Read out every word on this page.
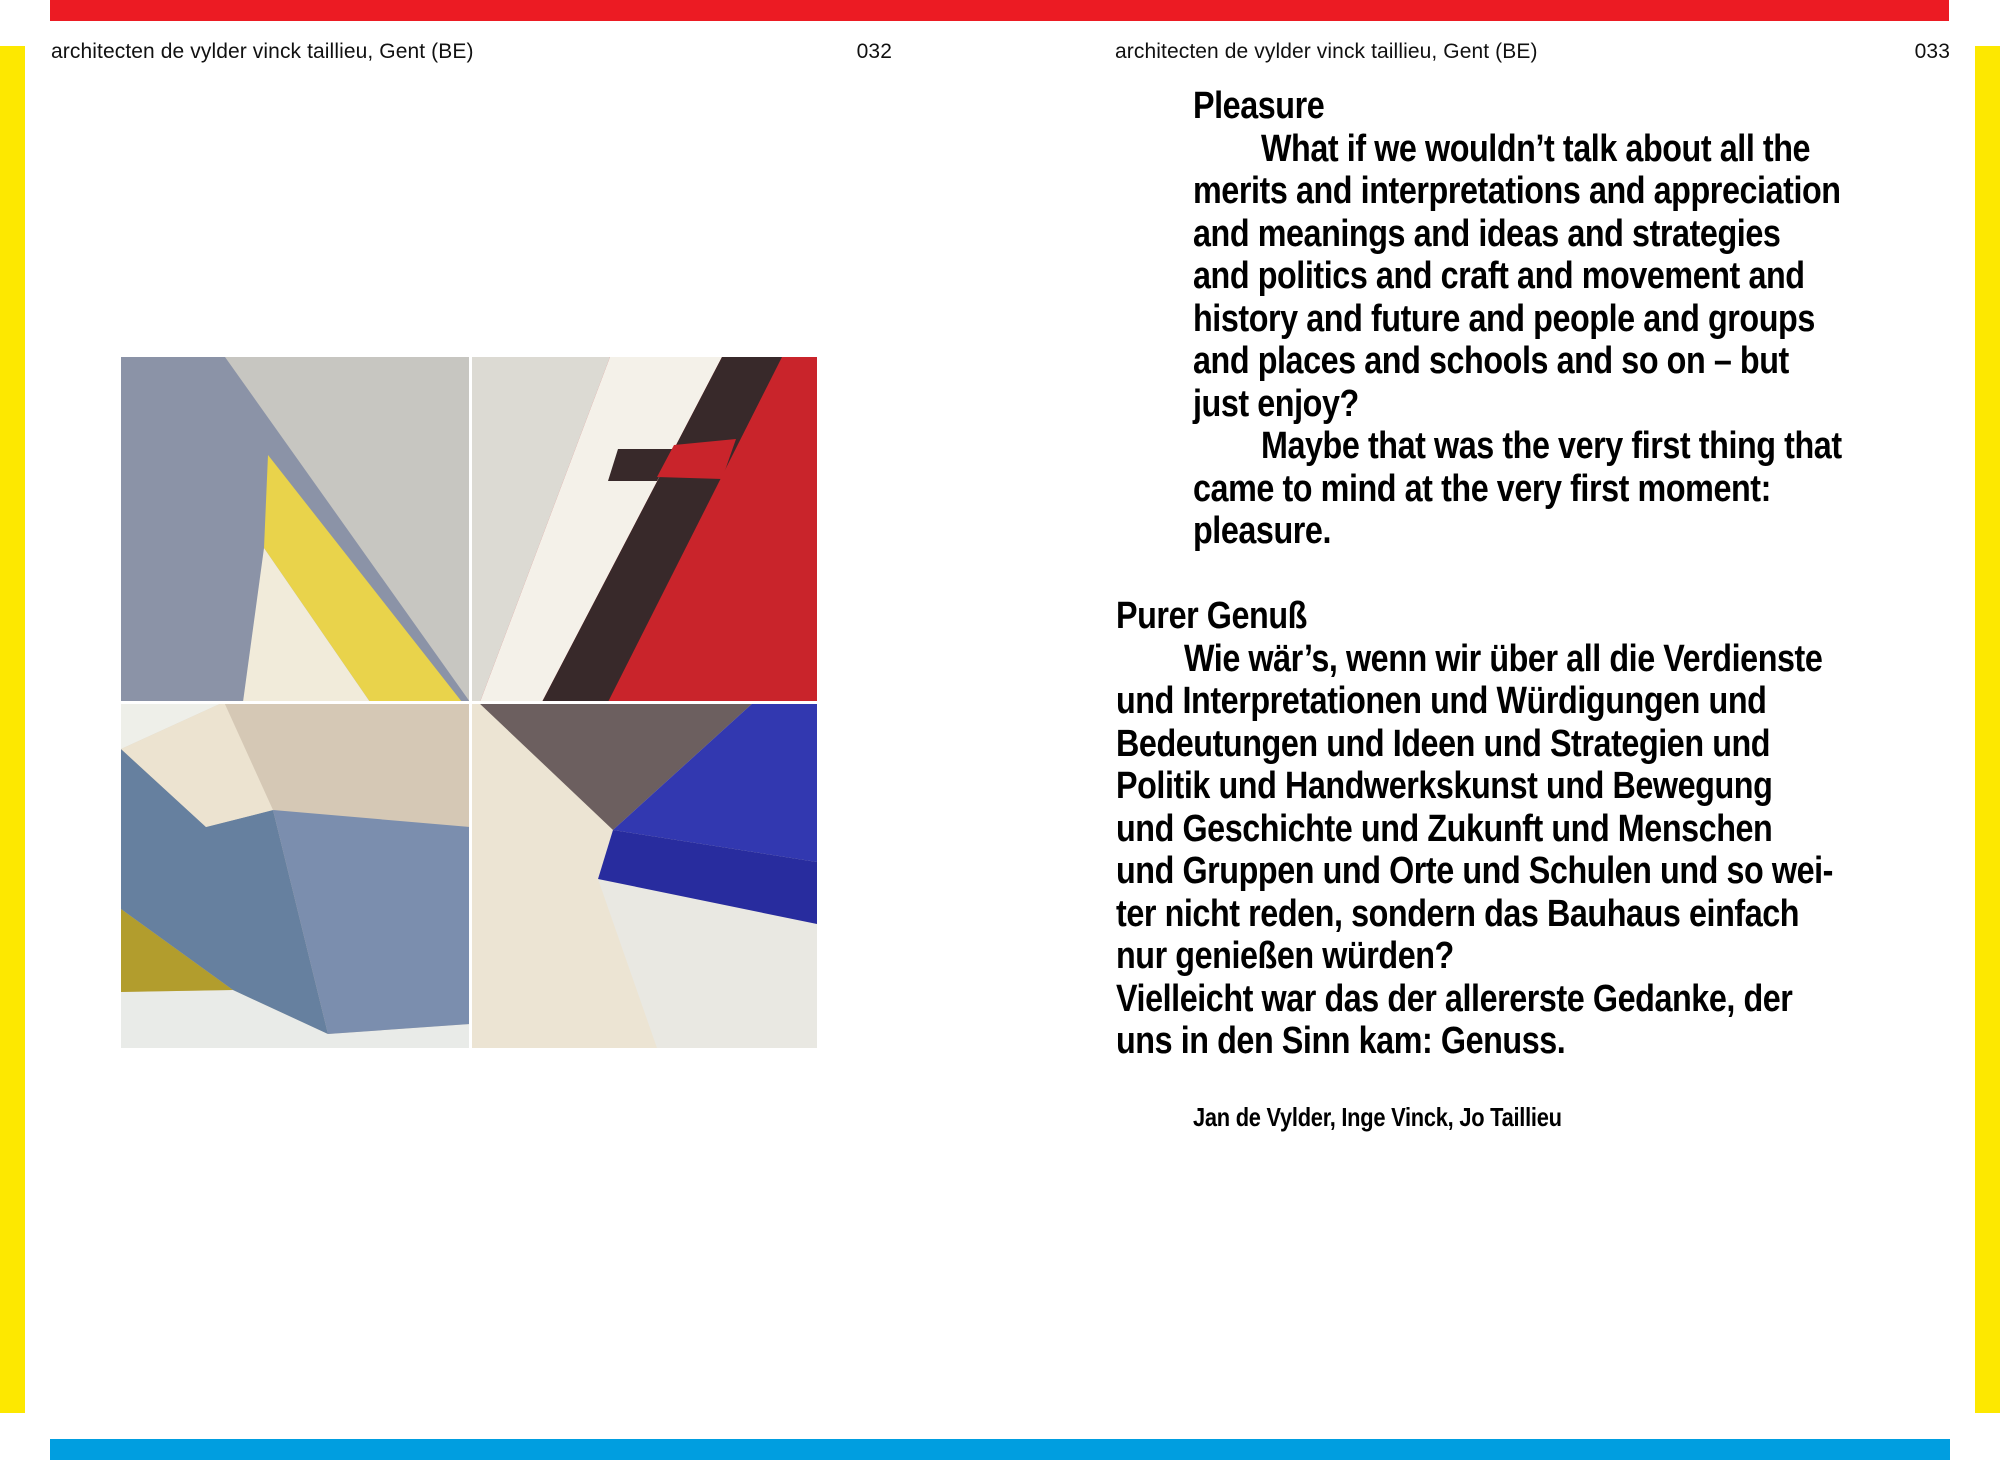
architecten de vylder vinck taillieu, Gent (BE)	032	architecten de vylder vinck taillieu, Gent (BE)	033
Pleasure
What if we wouldn’t talk about all the
merits and interpretations and appreciation
and meanings and ideas and strategies
and politics and craft and movement and
history and future and people and groups
and places and schools and so on – but
just enjoy?
Maybe that was the very first thing that
came to mind at the very first moment:
pleasure.
Purer Genuß
Wie wär’s, wenn wir über all die Verdienste
und Interpretationen und Würdigungen und
Bedeutungen und Ideen und Strategien und
Politik und Handwerkskunst und Bewegung
und Geschichte und Zukunft und Menschen
und Gruppen und Orte und Schulen und so wei-
ter nicht reden, sondern das Bauhaus einfach
nur genießen würden?
Vielleicht war das der allererste Gedanke, der
uns in den Sinn kam: Genuss.
Jan de Vylder, Inge Vinck, Jo Taillieu
